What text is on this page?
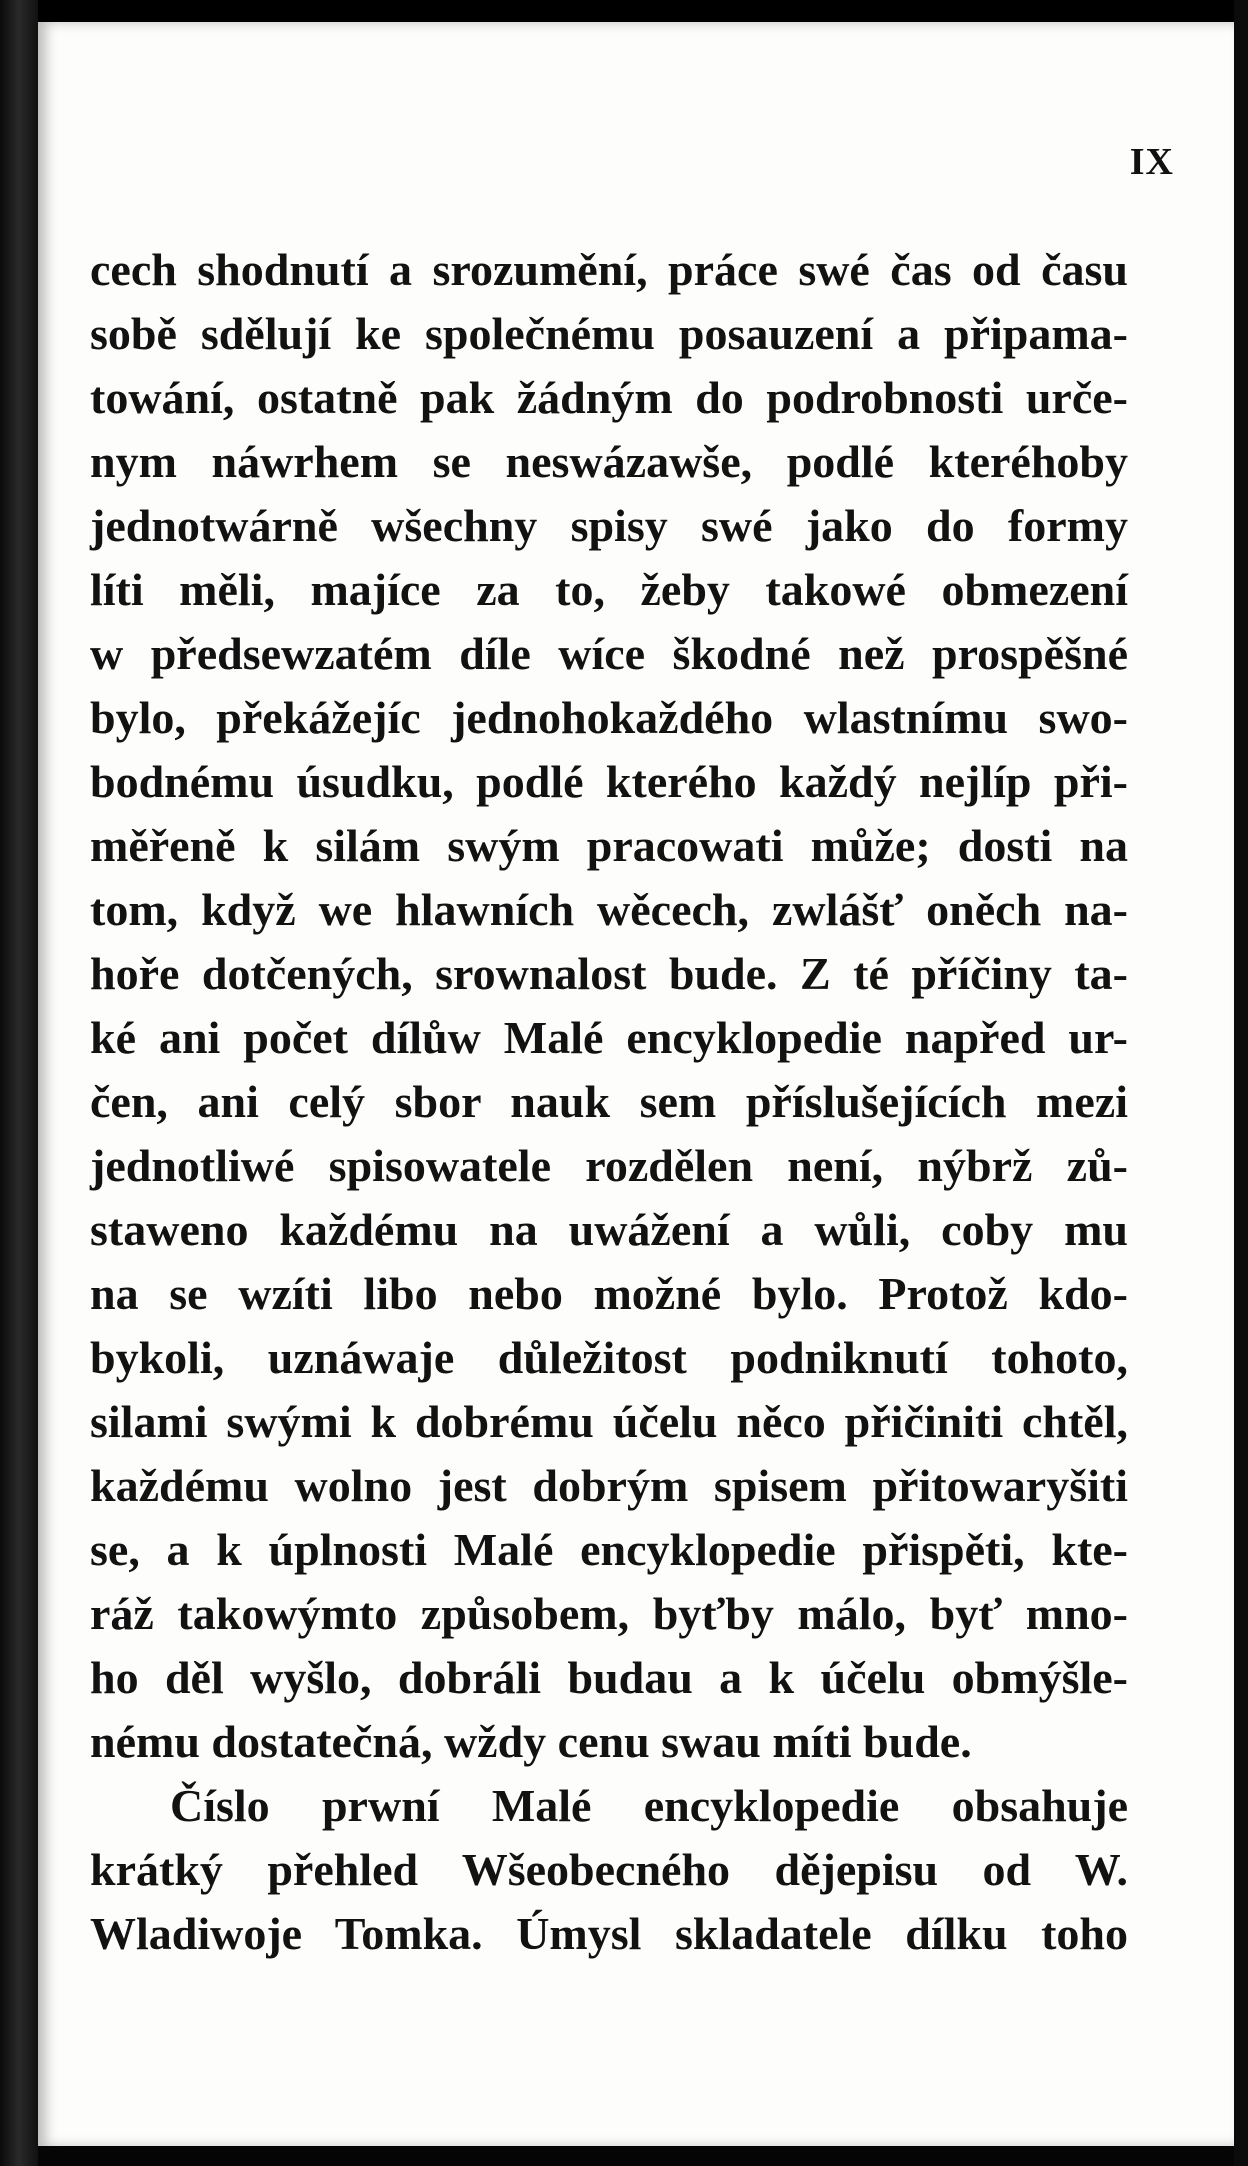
IX
cech shodnutí a srozumění, práce swé čas od času
sobě sdělují ke společnému posauzení a připama-
towání, ostatně pak žádným do podrobnosti urče-
nym náwrhem se neswázawše, podlé kteréhoby
jednotwárně wšechny spisy swé jako do formy
líti měli, majíce za to, žeby takowé obmezení
w předsewzatém díle wíce škodné než prospěšné
bylo, překážejíc jednohokaždého wlastnímu swo-
bodnému úsudku, podlé kterého každý nejlíp při-
měřeně k silám swým pracowati může; dosti na
tom, když we hlawních wěcech, zwlášť oněch na-
hoře dotčených, srownalost bude. Z té příčiny ta-
ké ani počet dílůw Malé encyklopedie napřed ur-
čen, ani celý sbor nauk sem příslušejících mezi
jednotliwé spisowatele rozdělen není, nýbrž zů-
staweno každému na uwážení a wůli, coby mu
na se wzíti libo nebo možné bylo. Protož kdo-
bykoli, uznáwaje důležitost podniknutí tohoto,
silami swými k dobrému účelu něco přičiniti chtěl,
každému wolno jest dobrým spisem přitowaryšiti
se, a k úplnosti Malé encyklopedie přispěti, kte-
ráž takowýmto způsobem, byťby málo, byť mno-
ho děl wyšlo, dobráli budau a k účelu obmýšle-
nému dostatečná, wždy cenu swau míti bude.
Číslo prwní Malé encyklopedie obsahuje
krátký přehled Wšeobecného dějepisu od W.
Wladiwoje Tomka. Úmysl skladatele dílku toho
